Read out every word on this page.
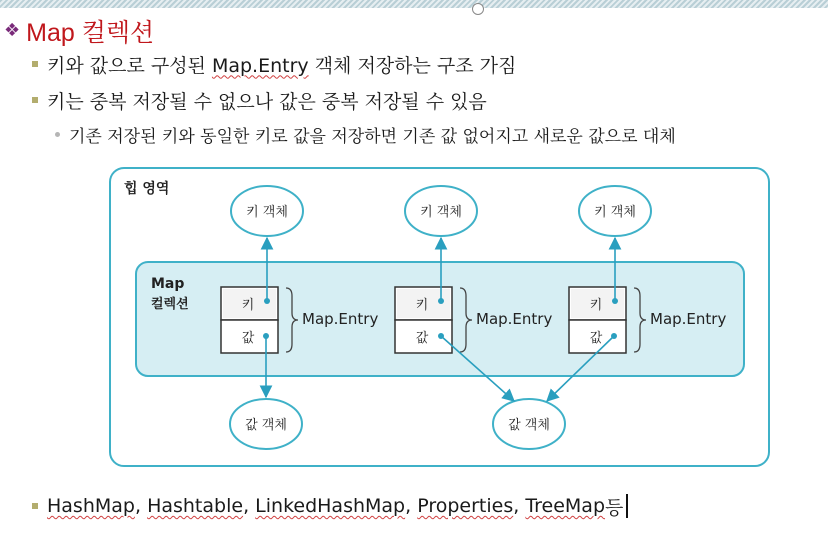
❖ Map 컬렉션
키와 값으로 구성된 Map.Entry 객체 저장하는 구조 가짐
키는 중복 저장될 수 없으나 값은 중복 저장될 수 있음
기존 저장된 키와 동일한 키로 값을 저장하면 기존 값 없어지고 새로운 값으로 대체
힙 영역
Map
컬렉션
키 객체	키 객체	키 객체
값 객체	값 객체
키
값
Map.Entry
키
값
Map.Entry
키
값
Map.Entry
HashMap, Hashtable, LinkedHashMap, Properties, TreeMap 등
